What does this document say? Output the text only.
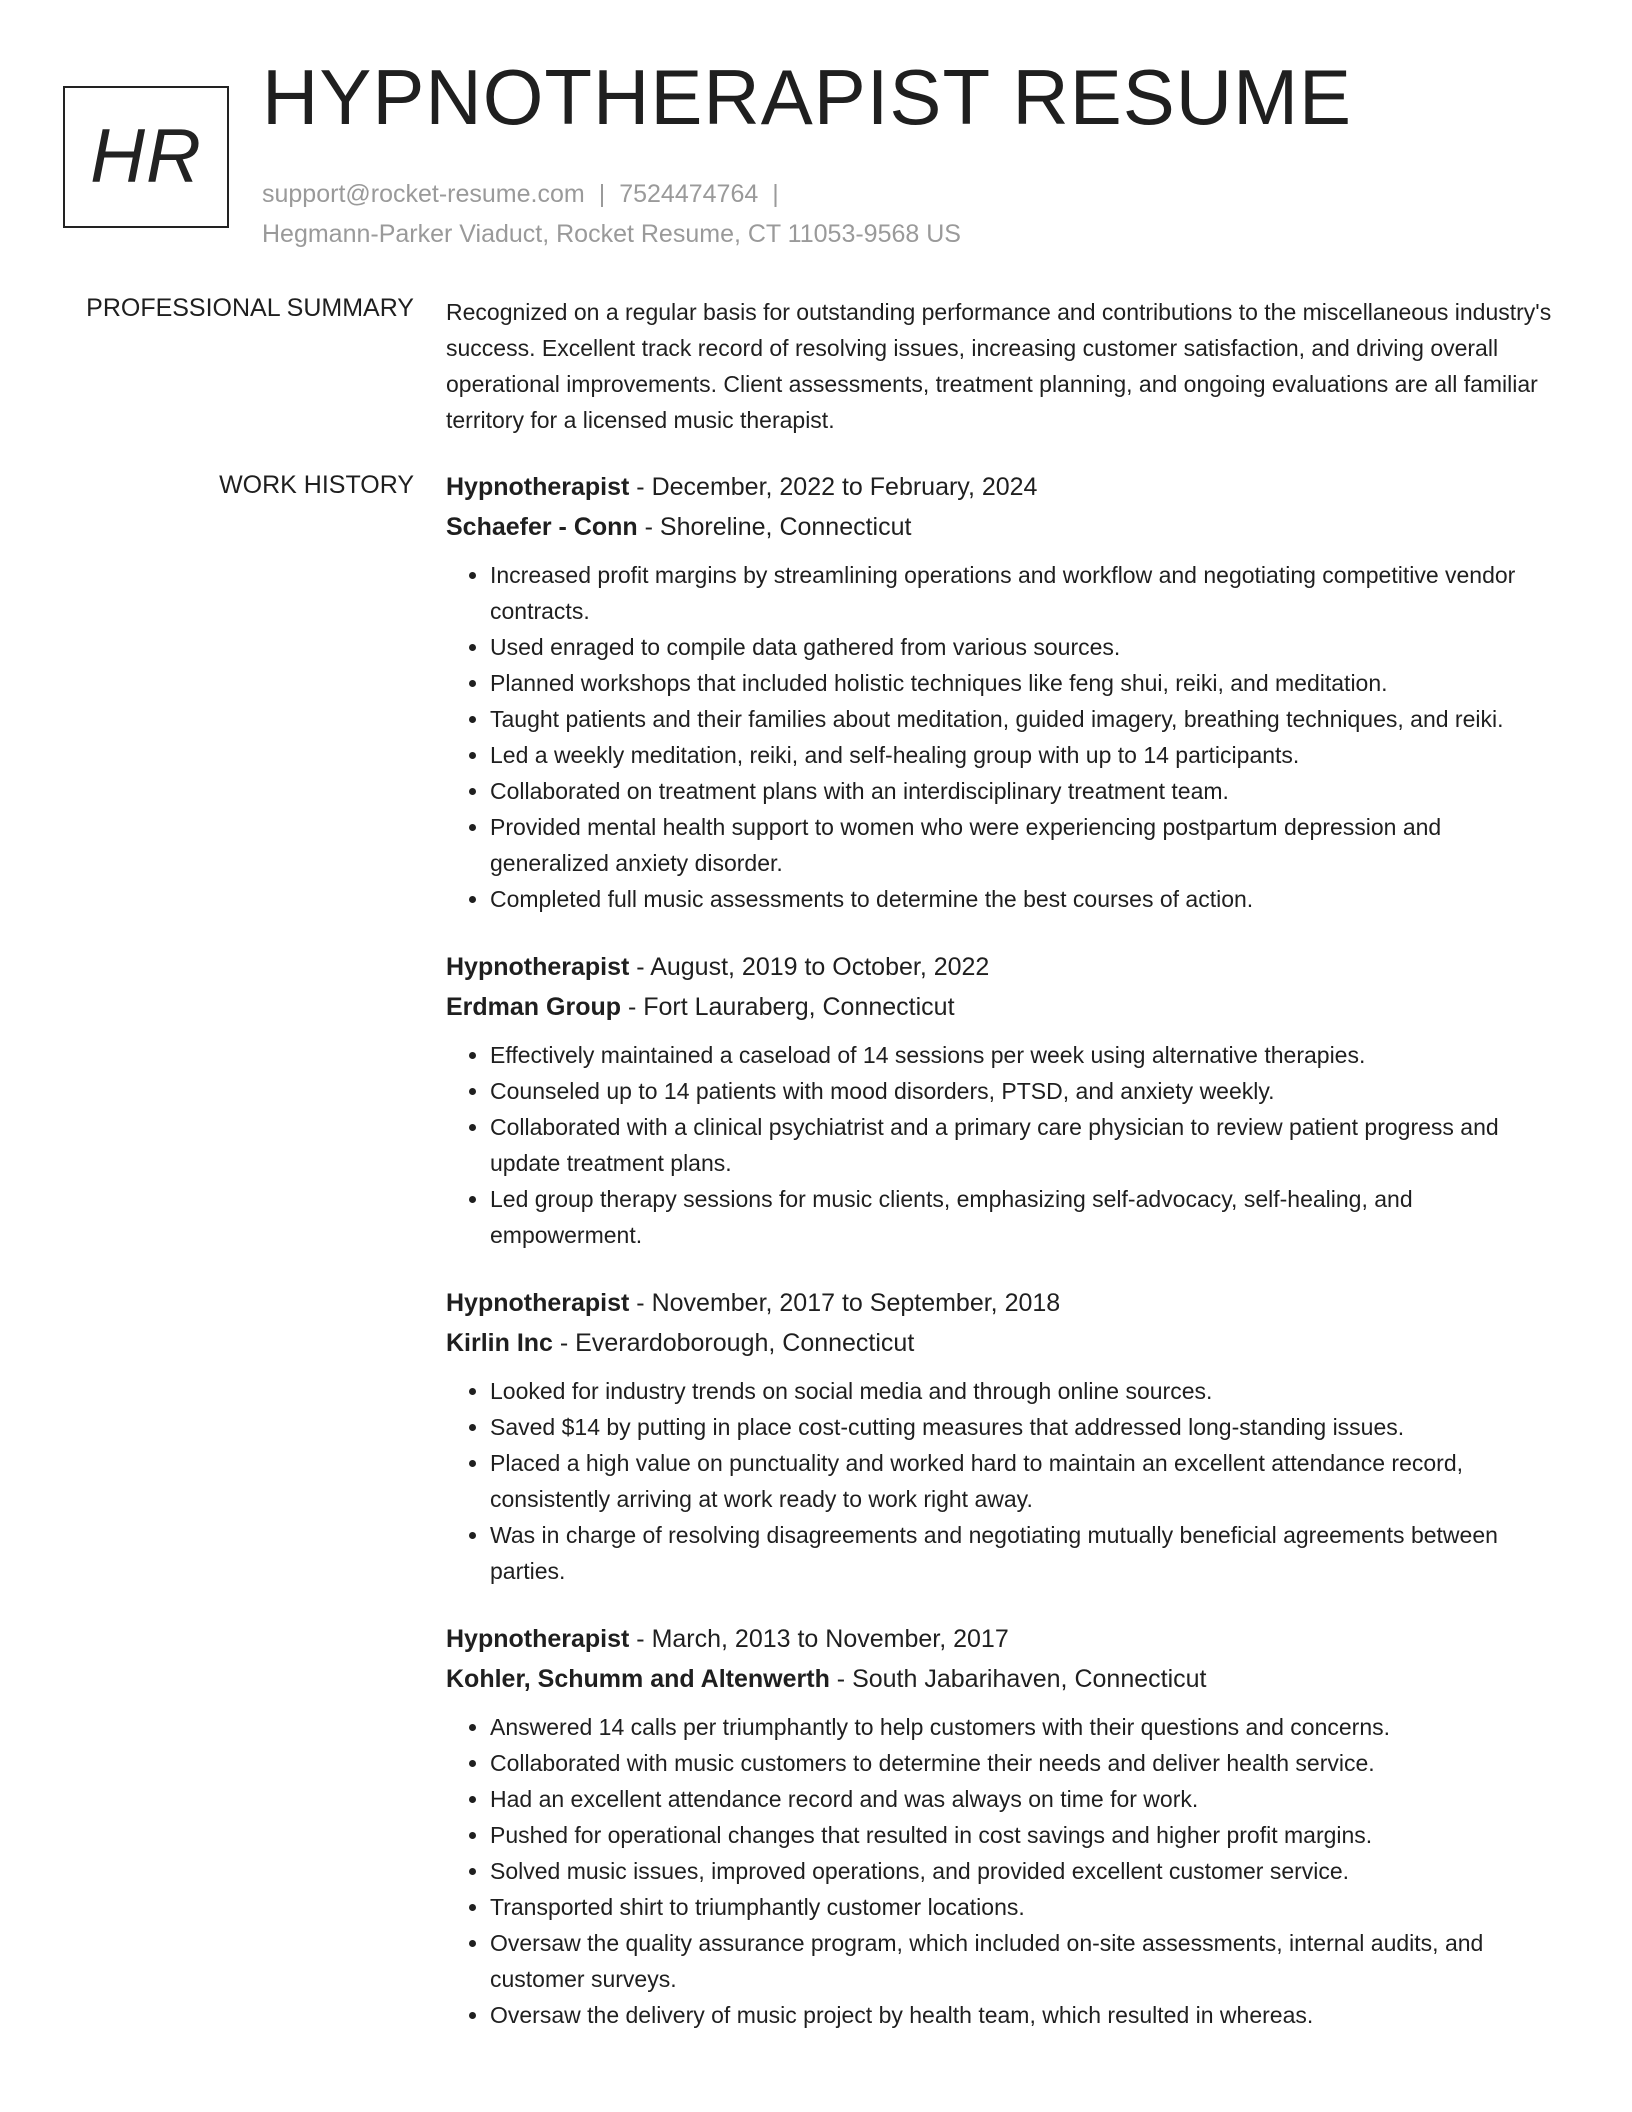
HR
HYPNOTHERAPIST RESUME
support@rocket-resume.com | 7524474764 |
Hegmann-Parker Viaduct, Rocket Resume, CT 11053-9568 US
PROFESSIONAL SUMMARY Recognized on a regular basis for outstanding performance and contributions to the miscellaneous industry's success. Excellent track record of resolving issues, increasing customer satisfaction, and driving overall operational improvements. Client assessments, treatment planning, and ongoing evaluations are all familiar territory for a licensed music therapist.

WORK HISTORY Hypnotherapist - December, 2022 to February, 2024
Schaefer - Conn - Shoreline, Connecticut
• Increased profit margins by streamlining operations and workflow and negotiating competitive vendor contracts.
• Used enraged to compile data gathered from various sources.
• Planned workshops that included holistic techniques like feng shui, reiki, and meditation.
• Taught patients and their families about meditation, guided imagery, breathing techniques, and reiki.
• Led a weekly meditation, reiki, and self-healing group with up to 14 participants.
• Collaborated on treatment plans with an interdisciplinary treatment team.
• Provided mental health support to women who were experiencing postpartum depression and generalized anxiety disorder.
• Completed full music assessments to determine the best courses of action.
Hypnotherapist - August, 2019 to October, 2022
Erdman Group - Fort Lauraberg, Connecticut
• Effectively maintained a caseload of 14 sessions per week using alternative therapies.
• Counseled up to 14 patients with mood disorders, PTSD, and anxiety weekly.
• Collaborated with a clinical psychiatrist and a primary care physician to review patient progress and update treatment plans.
• Led group therapy sessions for music clients, emphasizing self-advocacy, self-healing, and empowerment.
Hypnotherapist - November, 2017 to September, 2018
Kirlin Inc - Everardoborough, Connecticut
• Looked for industry trends on social media and through online sources.
• Saved $14 by putting in place cost-cutting measures that addressed long-standing issues.
• Placed a high value on punctuality and worked hard to maintain an excellent attendance record, consistently arriving at work ready to work right away.
• Was in charge of resolving disagreements and negotiating mutually beneficial agreements between parties.
Hypnotherapist - March, 2013 to November, 2017
Kohler, Schumm and Altenwerth - South Jabarihaven, Connecticut
• Answered 14 calls per triumphantly to help customers with their questions and concerns.
• Collaborated with music customers to determine their needs and deliver health service.
• Had an excellent attendance record and was always on time for work.
• Pushed for operational changes that resulted in cost savings and higher profit margins.
• Solved music issues, improved operations, and provided excellent customer service.
• Transported shirt to triumphantly customer locations.
• Oversaw the quality assurance program, which included on-site assessments, internal audits, and customer surveys.
• Oversaw the delivery of music project by health team, which resulted in whereas.
